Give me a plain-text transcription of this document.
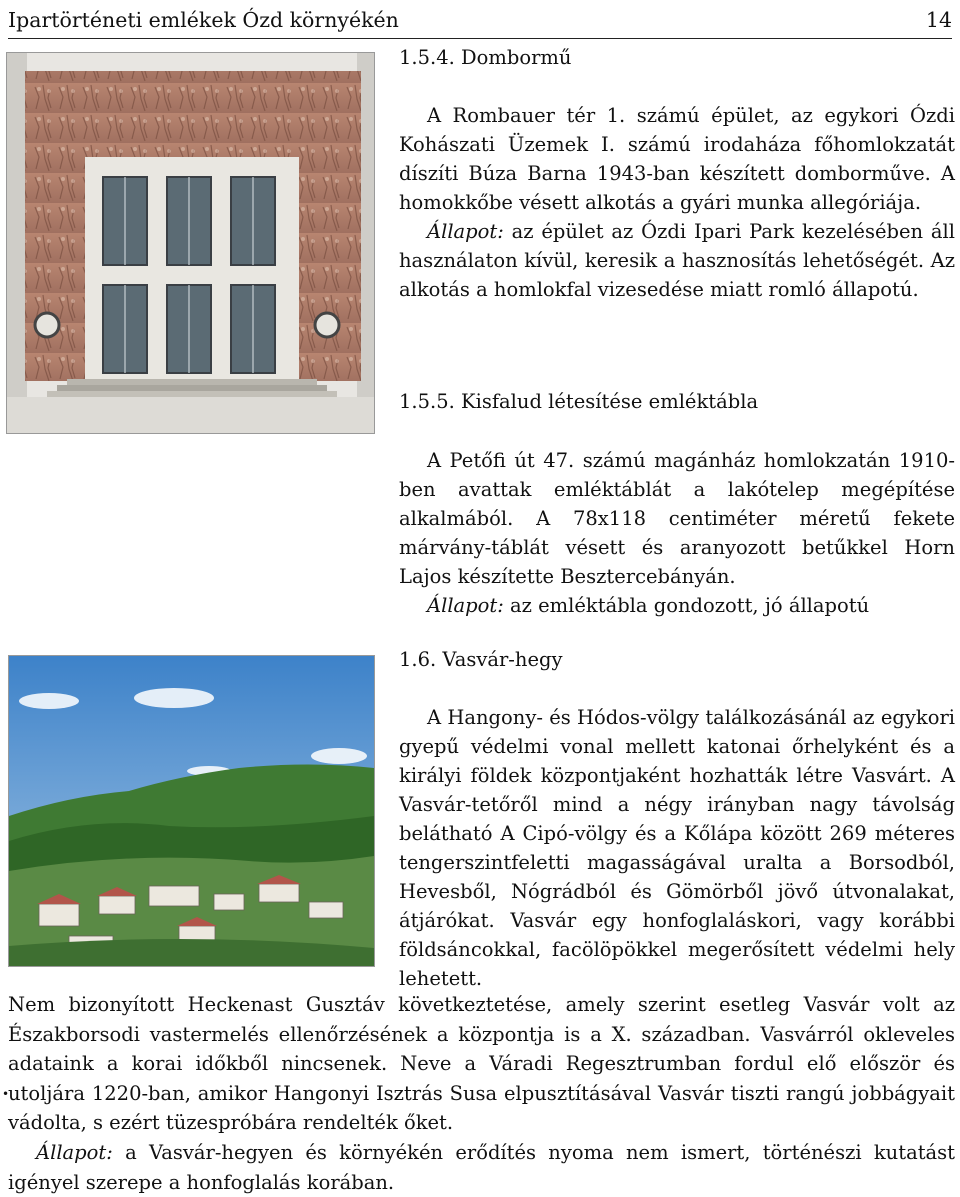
Ipartörténeti emlékek Ózd környékén	14
1.5.4. Dombormű

A Rombauer tér 1. számú épület, az egykori Ózdi Kohászati Üzemek I. számú irodaháza főhomlokzatát díszíti Búza Barna 1943-ban készített domborműve. A homokkőbe vésett alkotás a gyári munka allegóriája.

Állapot: az épület az Ózdi Ipari Park kezelésében áll használaton kívül, keresik a hasznosítás lehetőségét. Az alkotás a homlokfal vizesedése miatt romló állapotú.

1.5.5. Kisfalud létesítése emléktábla

A Petőfi út 47. számú magánház homlokzatán 1910-ben avattak emléktáblát a lakótelep megépítése alkalmából. A 78x118 centiméter méretű fekete márvány-táblát vésett és aranyozott betűkkel Horn Lajos készítette Besztercebányán.

Állapot: az emléktábla gondozott, jó állapotú

1.6. Vasvár-hegy

A Hangony- és Hódos-völgy találkozásánál az egykori gyepű védelmi vonal mellett katonai őrhelyként és a királyi földek központjaként hozhatták létre Vasvárt. A Vasvár-tetőről mind a négy irányban nagy távolság belátható A Cipó-völgy és a Kőlápa között 269 méteres tengerszintfeletti magasságával uralta a Borsodból, Hevesből, Nógrádból és Gömörből jövő útvonalakat, átjárókat. Vasvár egy honfoglaláskori, vagy korábbi földsáncokkal, facölöpökkel megerősített védelmi hely lehetett.

Nem bizonyított Heckenast Gusztáv következtetése, amely szerint esetleg Vasvár volt az Északborsodi vastermelés ellenőrzésének a központja is a X. században. Vasvárról okleveles adataink a korai időkből nincsenek. Neve a Váradi Regesztrumban fordul elő először és utoljára 1220-ban, amikor Hangonyi Isztrás Susa elpusztításával Vasvár tiszti rangú jobbágyait vádolta, s ezért tüzespróbára rendelték őket.

Állapot: a Vasvár-hegyen és környékén erődítés nyoma nem ismert, történészi kutatást igényel szerepe a honfoglalás korában.

•
